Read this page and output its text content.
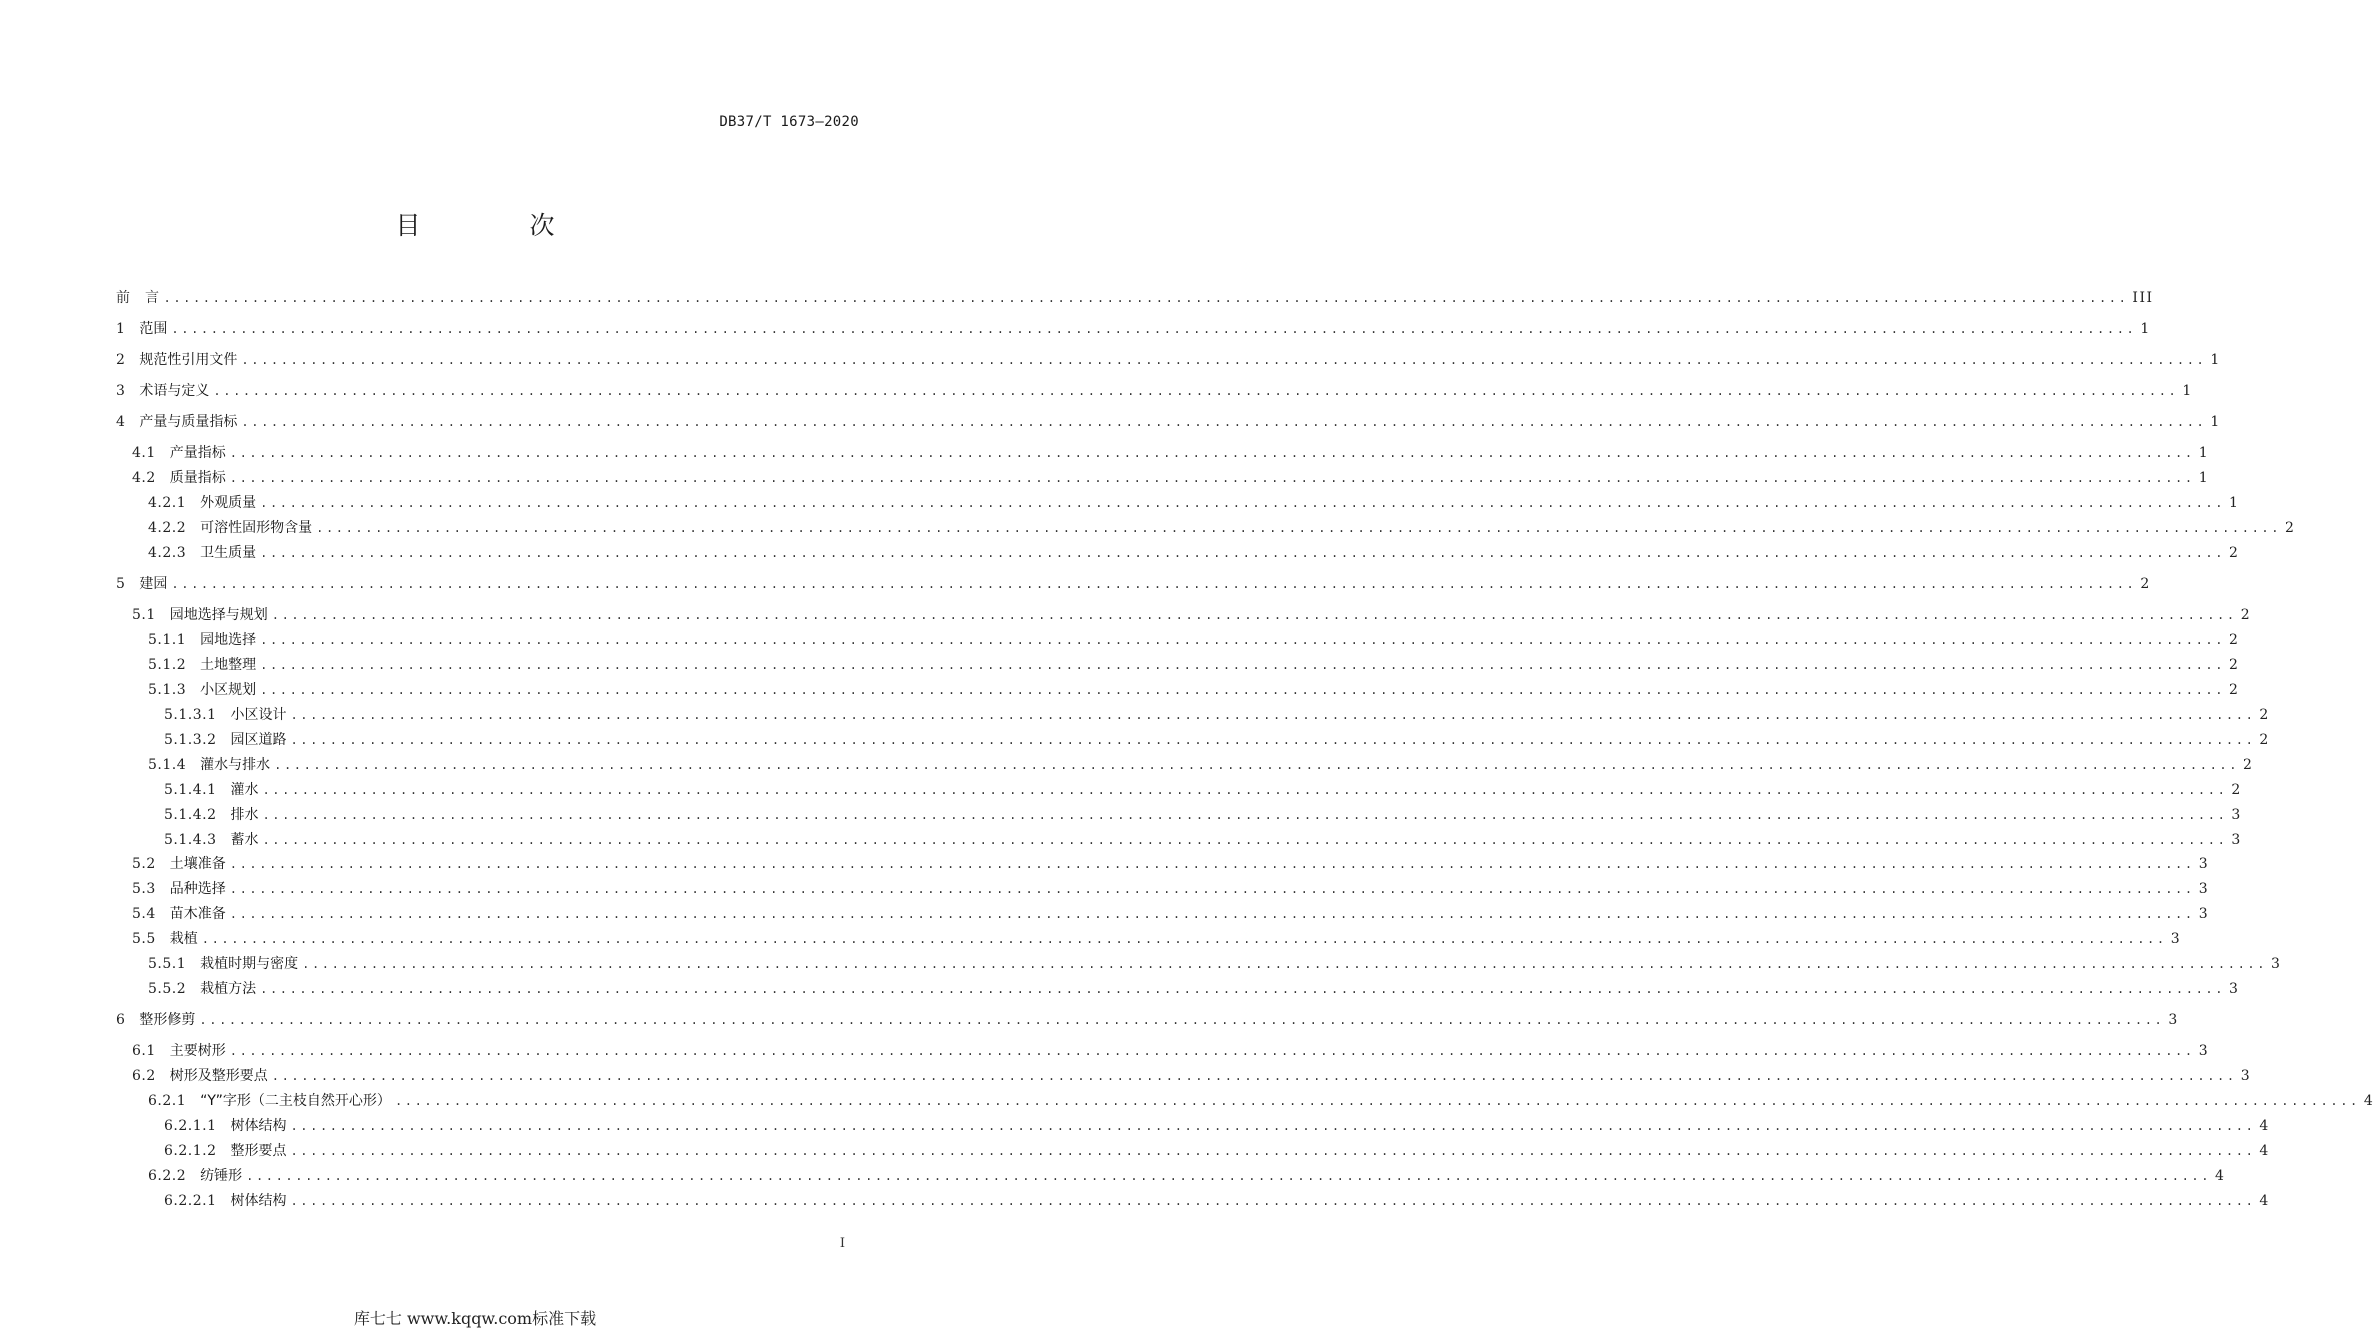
DB37/T 1673—2020
目　次
前　言 ........................................................................................................................................................................................................ III
1 范围 ........................................................................................................................................................................................................ 1
2 规范性引用文件 ........................................................................................................................................................................................................ 1
3 术语与定义 ........................................................................................................................................................................................................ 1
4 产量与质量指标 ........................................................................................................................................................................................................ 1
4.1 产量指标 ........................................................................................................................................................................................................ 1
4.2 质量指标 ........................................................................................................................................................................................................ 1
4.2.1 外观质量 ........................................................................................................................................................................................................ 1
4.2.2 可溶性固形物含量 ........................................................................................................................................................................................................ 2
4.2.3 卫生质量 ........................................................................................................................................................................................................ 2
5 建园 ........................................................................................................................................................................................................ 2
5.1 园地选择与规划 ........................................................................................................................................................................................................ 2
5.1.1 园地选择 ........................................................................................................................................................................................................ 2
5.1.2 土地整理 ........................................................................................................................................................................................................ 2
5.1.3 小区规划 ........................................................................................................................................................................................................ 2
5.1.3.1 小区设计 ........................................................................................................................................................................................................ 2
5.1.3.2 园区道路 ........................................................................................................................................................................................................ 2
5.1.4 灌水与排水 ........................................................................................................................................................................................................ 2
5.1.4.1 灌水 ........................................................................................................................................................................................................ 2
5.1.4.2 排水 ........................................................................................................................................................................................................ 3
5.1.4.3 蓄水 ........................................................................................................................................................................................................ 3
5.2 土壤准备 ........................................................................................................................................................................................................ 3
5.3 品种选择 ........................................................................................................................................................................................................ 3
5.4 苗木准备 ........................................................................................................................................................................................................ 3
5.5 栽植 ........................................................................................................................................................................................................ 3
5.5.1 栽植时期与密度 ........................................................................................................................................................................................................ 3
5.5.2 栽植方法 ........................................................................................................................................................................................................ 3
6 整形修剪 ........................................................................................................................................................................................................ 3
6.1 主要树形 ........................................................................................................................................................................................................ 3
6.2 树形及整形要点 ........................................................................................................................................................................................................ 3
6.2.1 “Y”字形（二主枝自然开心形） ........................................................................................................................................................................................................ 4
6.2.1.1 树体结构 ........................................................................................................................................................................................................ 4
6.2.1.2 整形要点 ........................................................................................................................................................................................................ 4
6.2.2 纺锤形 ........................................................................................................................................................................................................ 4
6.2.2.1 树体结构 ........................................................................................................................................................................................................ 4
I
库七七 www.kqqw.com标准下载
